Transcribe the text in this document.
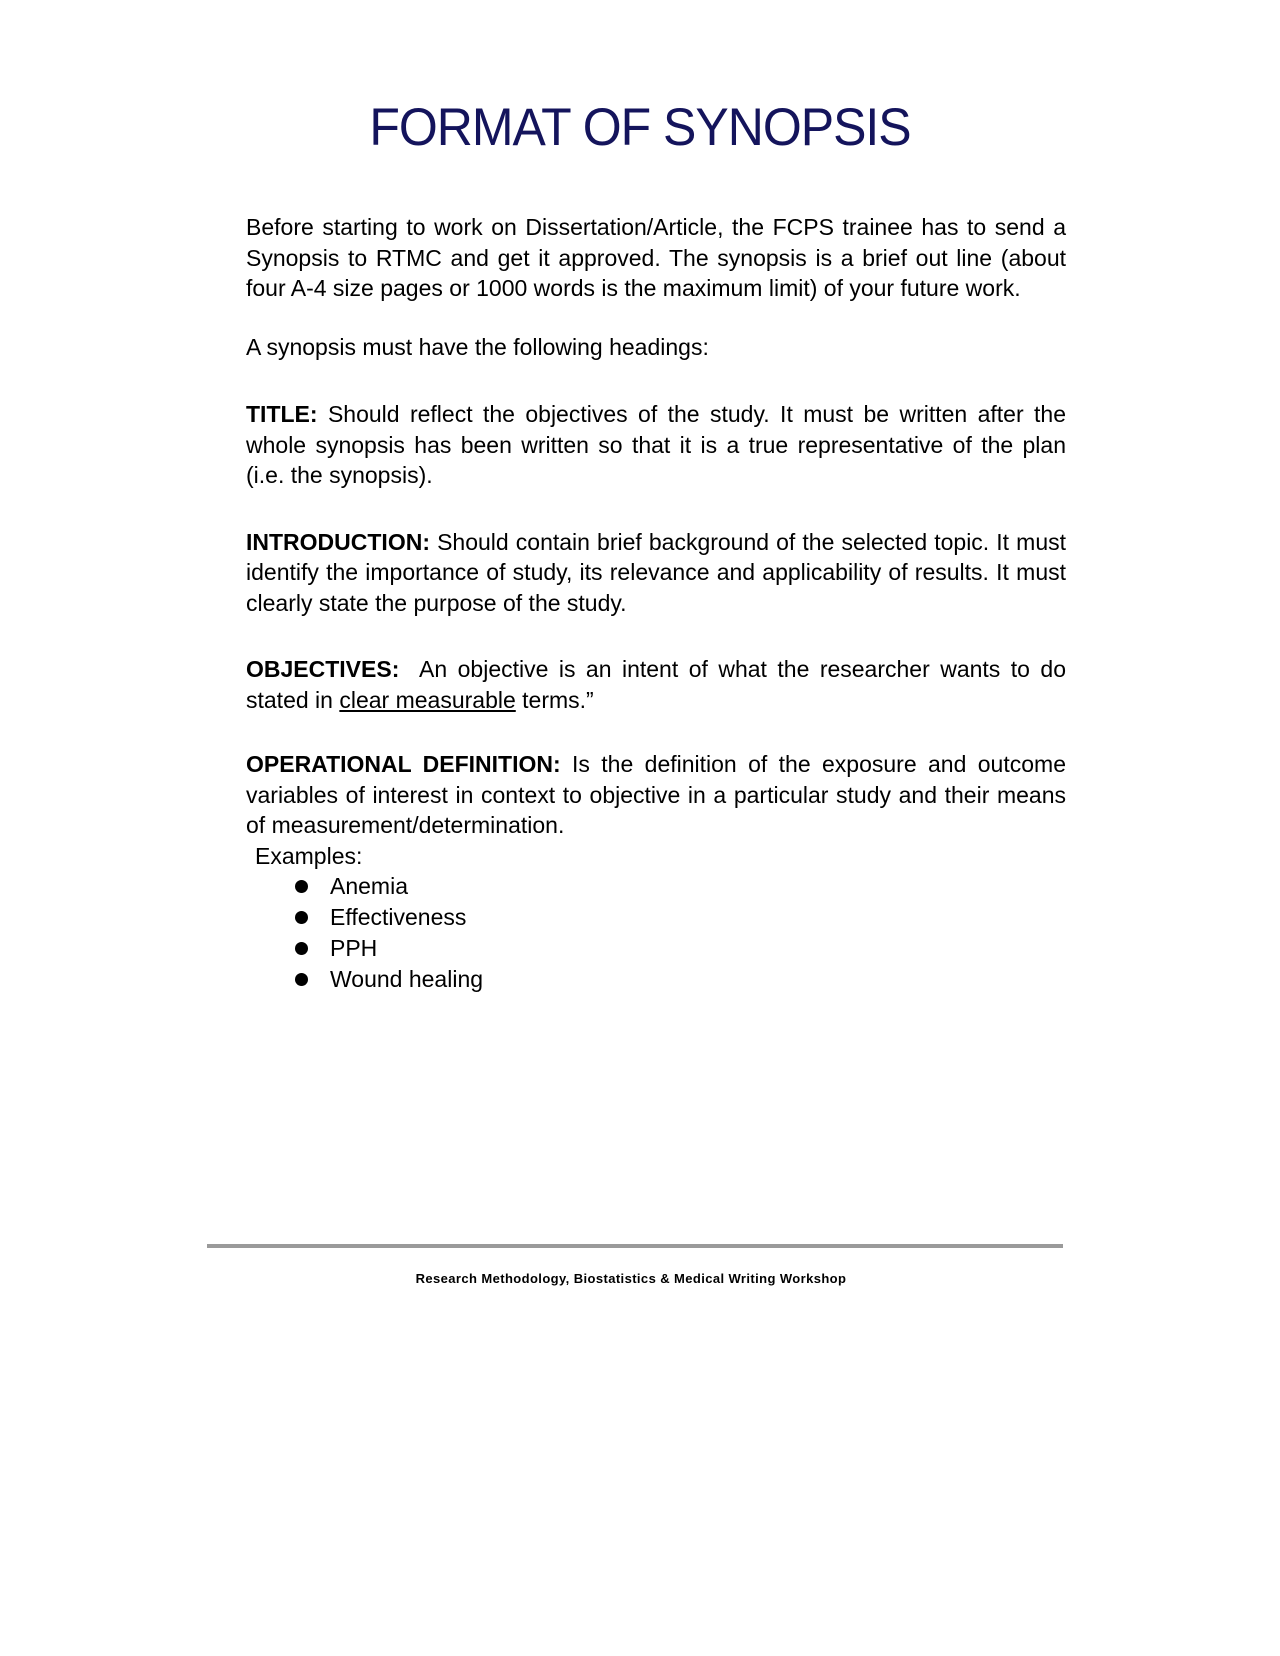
FORMAT OF SYNOPSIS

Before starting to work on Dissertation/Article, the FCPS trainee has to send a Synopsis to RTMC and get it approved. The synopsis is a brief out line (about four A-4 size pages or 1000 words is the maximum limit) of your future work.

A synopsis must have the following headings:

TITLE: Should reflect the objectives of the study. It must be written after the whole synopsis has been written so that it is a true representative of the plan (i.e. the synopsis).

INTRODUCTION: Should contain brief background of the selected topic. It must identify the importance of study, its relevance and applicability of results. It must clearly state the purpose of the study.

OBJECTIVES:  An objective is an intent of what the researcher wants to do stated in clear measurable terms.”

OPERATIONAL DEFINITION: Is the definition of the exposure and outcome variables of interest in context to objective in a particular study and their means of measurement/determination.

Examples:

Anemia
Effectiveness
PPH
Wound healing
Research Methodology, Biostatistics & Medical Writing Workshop
